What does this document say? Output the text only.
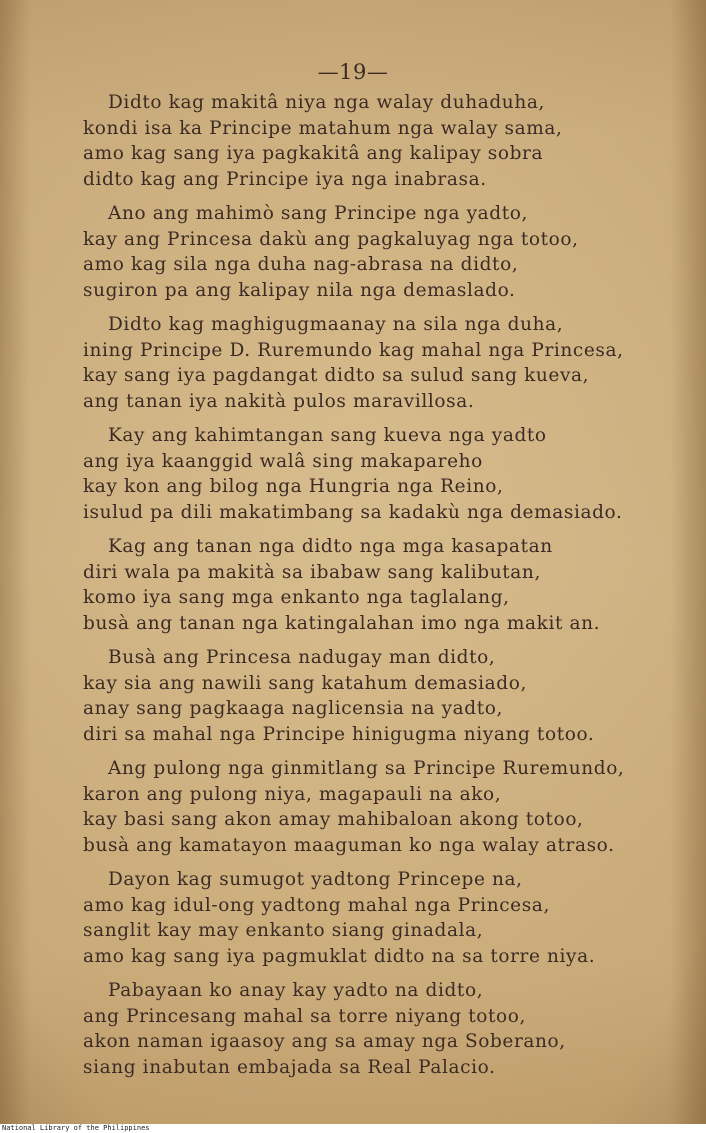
—19—
Didto kag makitâ niya nga walay duhaduha,
kondi isa ka Principe matahum nga walay sama,
amo kag sang iya pagkakitâ ang kalipay sobra
didto kag ang Principe iya nga inabrasa.
Ano ang mahimò sang Principe nga yadto,
kay ang Princesa dakù ang pagkaluyag nga totoo,
amo kag sila nga duha nag-abrasa na didto,
sugiron pa ang kalipay nila nga demaslado.
Didto kag maghigugmaanay na sila nga duha,
ining Principe D. Ruremundo kag mahal nga Princesa,
kay sang iya pagdangat didto sa sulud sang kueva,
ang tanan iya nakità pulos maravillosa.
Kay ang kahimtangan sang kueva nga yadto
ang iya kaanggid walâ sing makapareho
kay kon ang bilog nga Hungria nga Reino,
isulud pa dili makatimbang sa kadakù nga demasiado.
Kag ang tanan nga didto nga mga kasapatan
diri wala pa makità sa ibabaw sang kalibutan,
komo iya sang mga enkanto nga taglalang,
busà ang tanan nga katingalahan imo nga makit an.
Busà ang Princesa nadugay man didto,
kay sia ang nawili sang katahum demasiado,
anay sang pagkaaga naglicensia na yadto,
diri sa mahal nga Principe hinigugma niyang totoo.
Ang pulong nga ginmitlang sa Principe Ruremundo,
karon ang pulong niya, magapauli na ako,
kay basi sang akon amay mahibaloan akong totoo,
busà ang kamatayon maaguman ko nga walay atraso.
Dayon kag sumugot yadtong Princepe na,
amo kag idul-ong yadtong mahal nga Princesa,
sanglit kay may enkanto siang ginadala,
amo kag sang iya pagmuklat didto na sa torre niya.
Pabayaan ko anay kay yadto na didto,
ang Princesang mahal sa torre niyang totoo,
akon naman igaasoy ang sa amay nga Soberano,
siang inabutan embajada sa Real Palacio.
National Library of the Philippines
